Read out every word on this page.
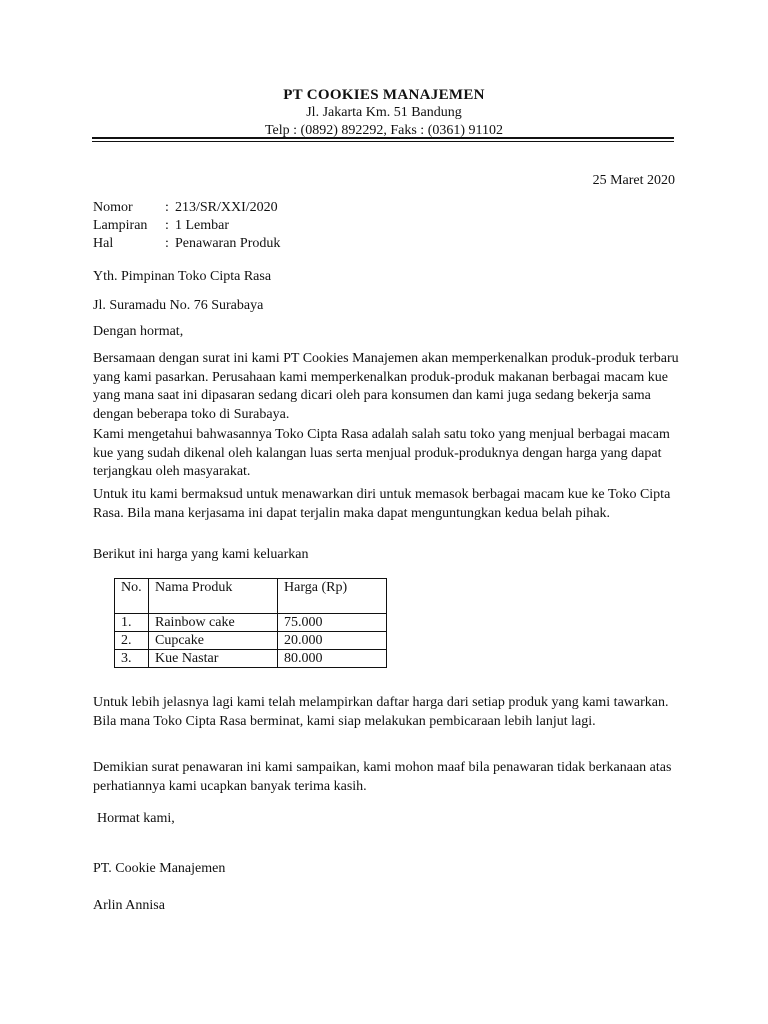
PT COOKIES MANAJEMEN
Jl. Jakarta Km. 51 Bandung
Telp : (0892) 892292, Faks : (0361) 91102
25 Maret 2020
Nomor	: 213/SR/XXI/2020
Lampiran	: 1 Lembar
Hal	: Penawaran Produk
Yth. Pimpinan Toko Cipta Rasa
Jl. Suramadu No. 76 Surabaya
Dengan hormat,
Bersamaan dengan surat ini kami PT Cookies Manajemen akan memperkenalkan produk-produk terbaru yang kami pasarkan. Perusahaan kami memperkenalkan produk-produk makanan berbagai macam kue yang mana saat ini dipasaran sedang dicari oleh para konsumen dan kami juga sedang bekerja sama dengan beberapa toko di Surabaya.
Kami mengetahui bahwasannya Toko Cipta Rasa adalah salah satu toko yang menjual berbagai macam kue yang sudah dikenal oleh kalangan luas serta menjual produk-produknya dengan harga yang dapat terjangkau oleh masyarakat.
Untuk itu kami bermaksud untuk menawarkan diri untuk memasok berbagai macam kue ke Toko Cipta Rasa. Bila mana kerjasama ini dapat terjalin maka dapat menguntungkan kedua belah pihak.
Berikut ini harga yang kami keluarkan
No.	Nama Produk	Harga (Rp)
1.	Rainbow cake	75.000
2.	Cupcake	20.000
3.	Kue Nastar	80.000
Untuk lebih jelasnya lagi kami telah melampirkan daftar harga dari setiap produk yang kami tawarkan. Bila mana Toko Cipta Rasa berminat, kami siap melakukan pembicaraan lebih lanjut lagi.
Demikian surat penawaran ini kami sampaikan, kami mohon maaf bila penawaran tidak berkanaan atas perhatiannya kami ucapkan banyak terima kasih.
Hormat kami,
PT. Cookie Manajemen
Arlin Annisa
